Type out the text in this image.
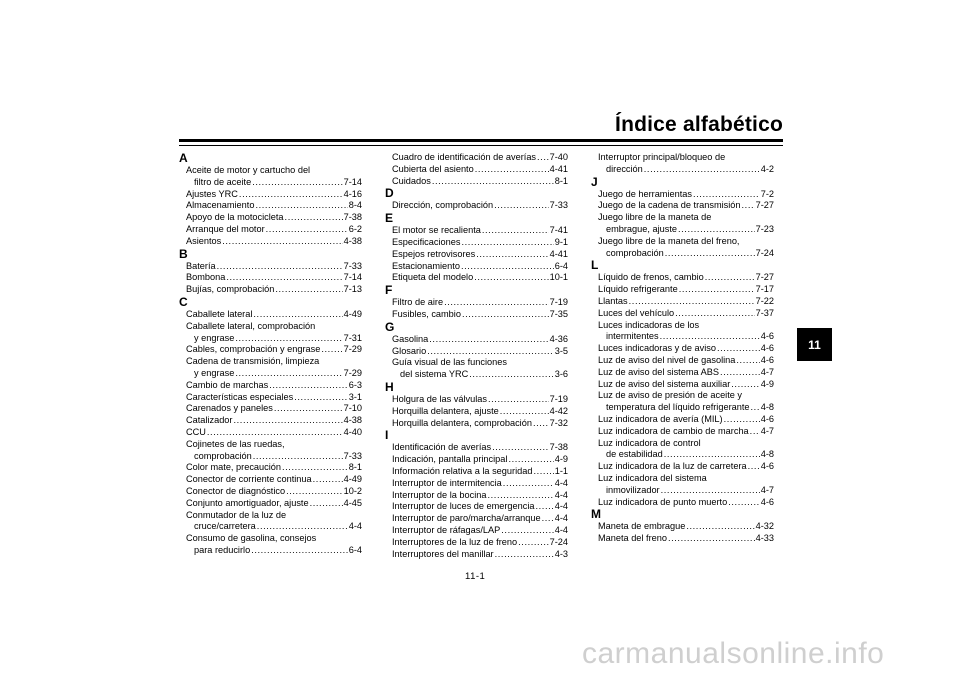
Índice alfabético
A
Aceite de motor y cartucho del
filtro de aceite .....	7-14
Ajustes YRC .....	4-16
Almacenamiento .....	8-4
Apoyo de la motocicleta .....	7-38
Arranque del motor .....	6-2
Asientos .....	4-38
B
Batería .....	7-33
Bombona .....	7-14
Bujías, comprobación .....	7-13
C
Caballete lateral .....	4-49
Caballete lateral, comprobación
y engrase .....	7-31
Cables, comprobación y engrase .....	7-29
Cadena de transmisión, limpieza
y engrase .....	7-29
Cambio de marchas .....	6-3
Características especiales .....	3-1
Carenados y paneles .....	7-10
Catalizador .....	4-38
CCU .....	4-40
Cojinetes de las ruedas,
comprobación .....	7-33
Color mate, precaución .....	8-1
Conector de corriente continua .....	4-49
Conector de diagnóstico .....	10-2
Conjunto amortiguador, ajuste .....	4-45
Conmutador de la luz de
cruce/carretera .....	4-4
Consumo de gasolina, consejos
para reducirlo .....	6-4
Cuadro de identificación de averías ..... 7-40
Cubierta del asiento .....	4-41
Cuidados .....	8-1
D
Dirección, comprobación .....	7-33
E
El motor se recalienta .....	7-41
Especificaciones .....	9-1
Espejos retrovisores .....	4-41
Estacionamiento .....	6-4
Etiqueta del modelo .....	10-1
F
Filtro de aire .....	7-19
Fusibles, cambio .....	7-35
G
Gasolina .....	4-36
Glosario .....	3-5
Guía visual de las funciones
del sistema YRC .....	3-6
H
Holgura de las válvulas .....	7-19
Horquilla delantera, ajuste .....	4-42
Horquilla delantera, comprobación ..... 7-32
I
Identificación de averías .....	7-38
Indicación, pantalla principal .....	4-9
Información relativa a la seguridad ..... 1-1
Interruptor de intermitencia .....	4-4
Interruptor de la bocina .....	4-4
Interruptor de luces de emergencia ..... 4-4
Interruptor de paro/marcha/arranque ..... 4-4
Interruptor de ráfagas/LAP .....	4-4
Interruptores de la luz de freno .....	7-24
Interruptores del manillar .....	4-3
Interruptor principal/bloqueo de
dirección .....	4-2
J
Juego de herramientas .....	7-2
Juego de la cadena de transmisión ..... 7-27
Juego libre de la maneta de
embrague, ajuste .....	7-23
Juego libre de la maneta del freno,
comprobación .....	7-24
L
Líquido de frenos, cambio .....	7-27
Líquido refrigerante .....	7-17
Llantas .....	7-22
Luces del vehículo .....	7-37
Luces indicadoras de los
intermitentes .....	4-6
Luces indicadoras y de aviso .....	4-6
Luz de aviso del nivel de gasolina .....	4-6
Luz de aviso del sistema ABS .....	4-7
Luz de aviso del sistema auxiliar .....	4-9
Luz de aviso de presión de aceite y
temperatura del líquido refrigerante ..... 4-8
Luz indicadora de avería (MIL) .....	4-6
Luz indicadora de cambio de marcha ..... 4-7
Luz indicadora de control
de estabilidad .....	4-8
Luz indicadora de la luz de carretera ..... 4-6
Luz indicadora del sistema
inmovilizador .....	4-7
Luz indicadora de punto muerto .....	4-6
M
Maneta de embrague .....	4-32
Maneta del freno .....	4-33
11-1
11
carmanualsonline.info
